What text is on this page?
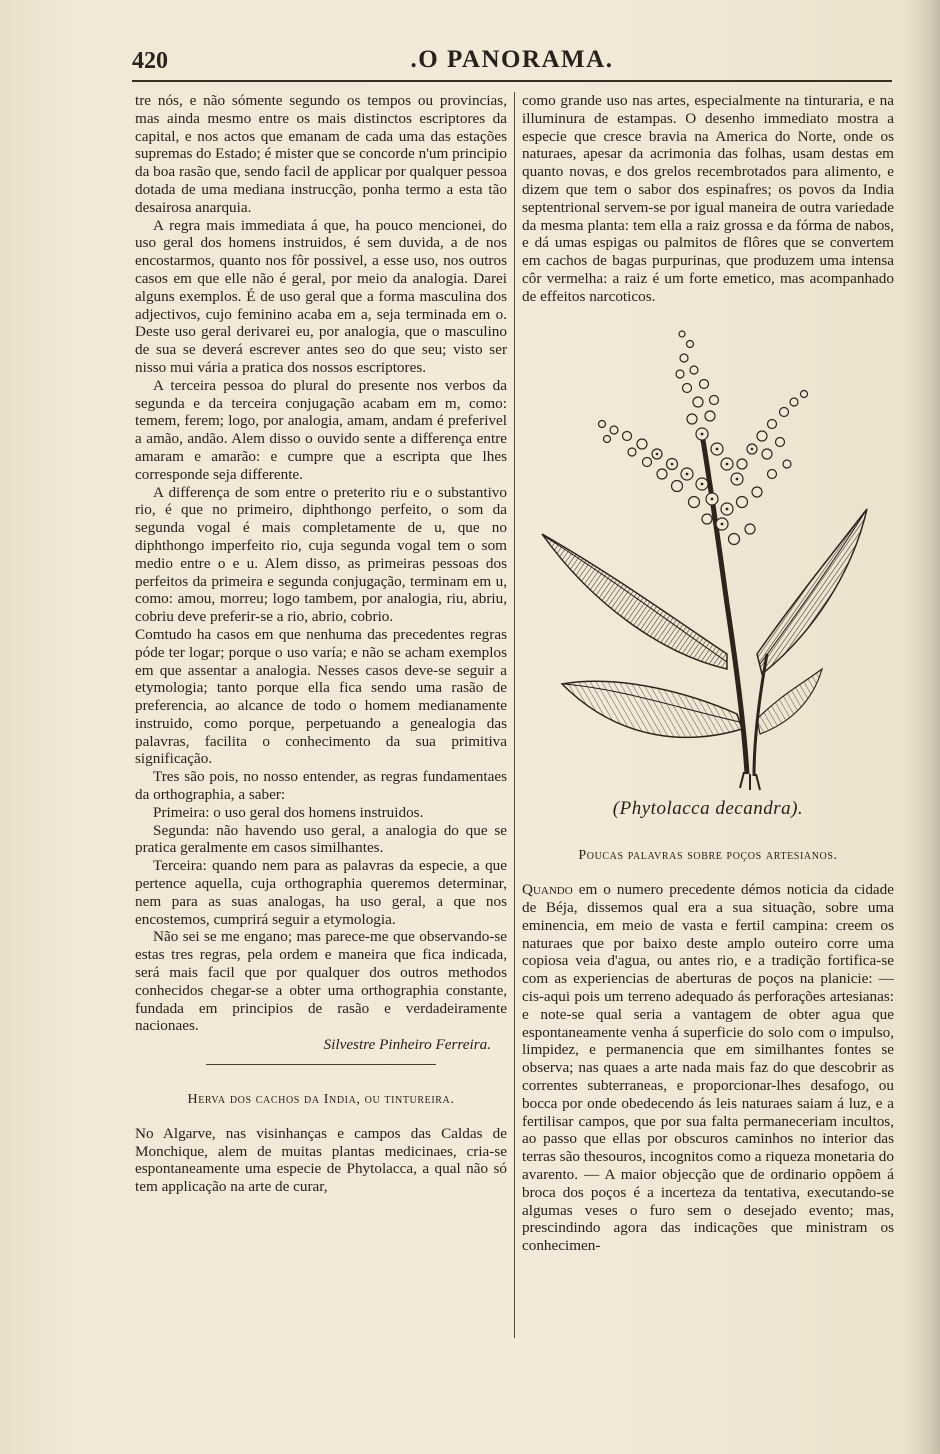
420	.O PANORAMA.

tre nós, e não sómente segundo os tempos ou provincias, mas ainda mesmo entre os mais distinctos escriptores da capital, e nos actos que emanam de cada uma das estações supremas do Estado; é mister que se concorde n'um principio da boa rasão que, sendo facil de applicar por qualquer pessoa dotada de uma mediana instrucção, ponha termo a esta tão desairosa anarquia.

A regra mais immediata á que, ha pouco mencionei, do uso geral dos homens instruidos, é sem duvida, a de nos encostarmos, quanto nos fôr possivel, a esse uso, nos outros casos em que elle não é geral, por meio da analogia. Darei alguns exemplos. É de uso geral que a forma masculina dos adjectivos, cujo feminino acaba em a, seja terminada em o. Deste uso geral derivarei eu, por analogia, que o masculino de sua se deverá escrever antes seo do que seu; visto ser nisso mui vária a pratica dos nossos escriptores.

A terceira pessoa do plural do presente nos verbos da segunda e da terceira conjugação acabam em m, como: temem, ferem; logo, por analogia, amam, andam é preferivel a amão, andão. Alem disso o ouvido sente a differença entre amaram e amarão: e cumpre que a escripta que lhes corresponde seja differente.

A differença de som entre o preterito riu e o substantivo rio, é que no primeiro, diphthongo perfeito, o som da segunda vogal é mais completamente de u, que no diphthongo imperfeito rio, cuja segunda vogal tem o som medio entre o e u. Alem disso, as primeiras pessoas dos perfeitos da primeira e segunda conjugação, terminam em u, como: amou, morreu; logo tambem, por analogia, riu, abriu, cobriu deve preferir-se a rio, abrio, cobrio.

Comtudo ha casos em que nenhuma das precedentes regras póde ter logar; porque o uso varía; e não se acham exemplos em que assentar a analogia. Nesses casos deve-se seguir a etymologia; tanto porque ella fica sendo uma rasão de preferencia, ao alcance de todo o homem medianamente instruido, como porque, perpetuando a genealogia das palavras, facilita o conhecimento da sua primitiva significação.

Tres são pois, no nosso entender, as regras fundamentaes da orthographia, a saber:

Primeira: o uso geral dos homens instruidos.

Segunda: não havendo uso geral, a analogia do que se pratica geralmente em casos similhantes.

Terceira: quando nem para as palavras da especie, a que pertence aquella, cuja orthographia queremos determinar, nem para as suas analogas, ha uso geral, a que nos encostemos, cumprirá seguir a etymologia.

Não sei se me engano; mas parece-me que observando-se estas tres regras, pela ordem e maneira que fica indicada, será mais facil que por qualquer dos outros methodos conhecidos chegar-se a obter uma orthographia constante, fundada em principios de rasão e verdadeiramente nacionaes.

Silvestre Pinheiro Ferreira.
Herva dos cachos da India, ou tintureira.

No Algarve, nas visinhanças e campos das Caldas de Monchique, alem de muitas plantas medicinaes, cria-se espontaneamente uma especie de Phytolacca, a qual não só tem applicação na arte de curar,

como grande uso nas artes, especialmente na tinturaria, e na illuminura de estampas. O desenho immediato mostra a especie que cresce bravia na America do Norte, onde os naturaes, apesar da acrimonia das folhas, usam destas em quanto novas, e dos grelos recembrotados para alimento, e dizem que tem o sabor dos espinafres; os povos da India septentrional servem-se por igual maneira de outra variedade da mesma planta: tem ella a raiz grossa e da fórma de nabos, e dá umas espigas ou palmitos de flôres que se convertem em cachos de bagas purpurinas, que produzem uma intensa côr vermelha: a raiz é um forte emetico, mas acompanhado de effeitos narcoticos.

(Phytolacca decandra).
Poucas palavras sobre poços artesianos.

Quando em o numero precedente démos noticia da cidade de Béja, dissemos qual era a sua situação, sobre uma eminencia, em meio de vasta e fertil campina: creem os naturaes que por baixo deste amplo outeiro corre uma copiosa veia d'agua, ou antes rio, e a tradição fortifica-se com as experiencias de aberturas de poços na planicie: — cis-aqui pois um terreno adequado ás perforações artesianas: e note-se qual seria a vantagem de obter agua que espontaneamente venha á superficie do solo com o impulso, limpidez, e permanencia que em similhantes fontes se observa; nas quaes a arte nada mais faz do que descobrir as correntes subterraneas, e proporcionar-lhes desafogo, ou bocca por onde obedecendo ás leis naturaes saiam á luz, e a fertilisar campos, que por sua falta permaneceriam incultos, ao passo que ellas por obscuros caminhos no interior das terras são thesouros, incognitos como a riqueza monetaria do avarento. — A maior objecção que de ordinario oppõem á broca dos poços é a incerteza da tentativa, executando-se algumas veses o furo sem o desejado evento; mas, prescindindo agora das indicações que ministram os conhecimen-
